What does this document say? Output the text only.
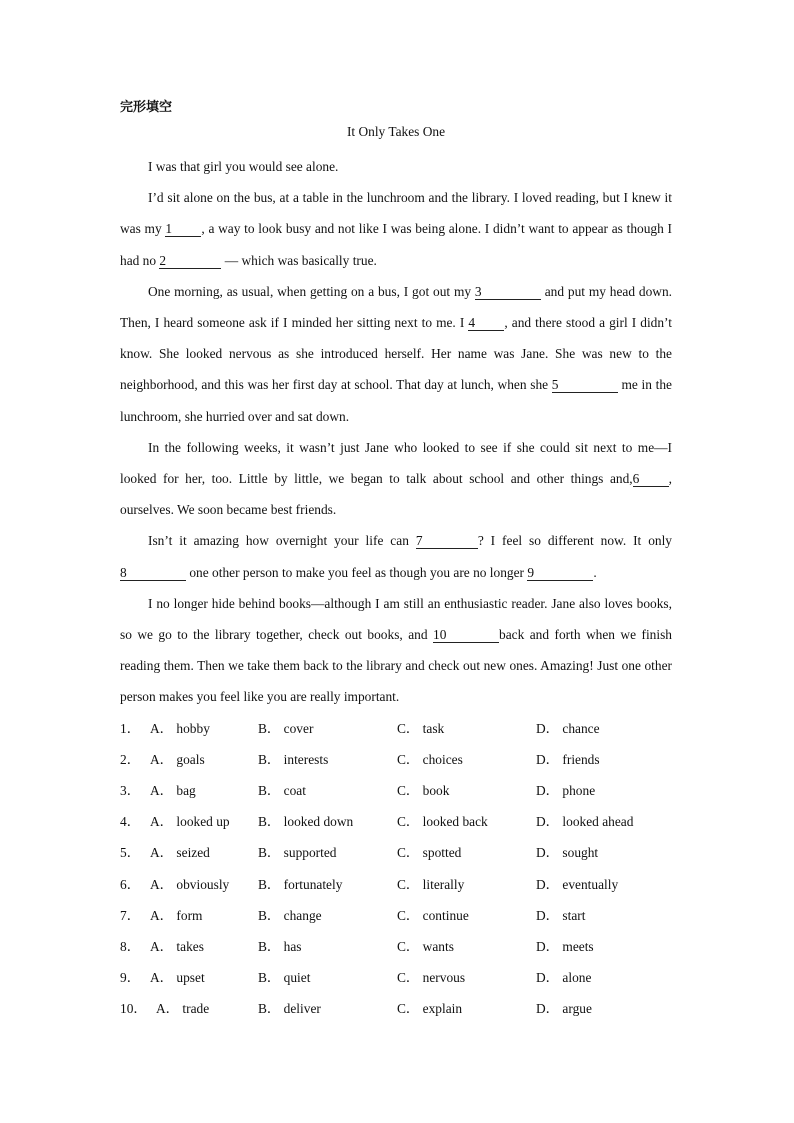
完形填空
It Only Takes One

I was that girl you would see alone.

I’d sit alone on the bus, at a table in the lunchroom and the library. I loved reading, but I knew it was my 1 , a way to look busy and not like I was being alone. I didn’t want to appear as though I had no 2	— which was basically true.

One morning, as usual, when getting on a bus, I got out my 3	and put my head down. Then, I heard someone ask if I minded her sitting next to me. I 4 , and there stood a girl I didn’t know. She looked nervous as she introduced herself. Her name was Jane. She was new to the neighborhood, and this was her first day at school. That day at lunch, when she 5	me in the lunchroom, she hurried over and sat down.

In the following weeks, it wasn’t just Jane who looked to see if she could sit next to me—I looked for her, too. Little by little, we began to talk about school and other things and,6 , ourselves. We soon became best friends.

Isn’t it amazing how overnight your life can 7	? I feel so different now. It only 8	one other person to make you feel as though you are no longer 9	.

I no longer hide behind books—although I am still an enthusiastic reader. Jane also loves books, so we go to the library together, check out books, and 10	back and forth when we finish reading them. Then we take them back to the library and check out new ones. Amazing! Just one other person makes you feel like you are really important.

1． A． hobby	B． cover	C． task	D． chance
2． A． goals	B． interests	C． choices	D． friends
3． A． bag	B． coat	C． book	D． phone
4． A． looked up	B． looked down	C． looked back	D． looked ahead
5． A． seized	B． supported	C． spotted	D． sought
6． A． obviously	B． fortunately	C． literally	D． eventually
7． A． form	B． change	C． continue	D． start
8． A． takes	B． has	C． wants	D． meets
9． A． upset	B． quiet	C． nervous	D． alone
10． A． trade	B． deliver	C． explain	D． argue
